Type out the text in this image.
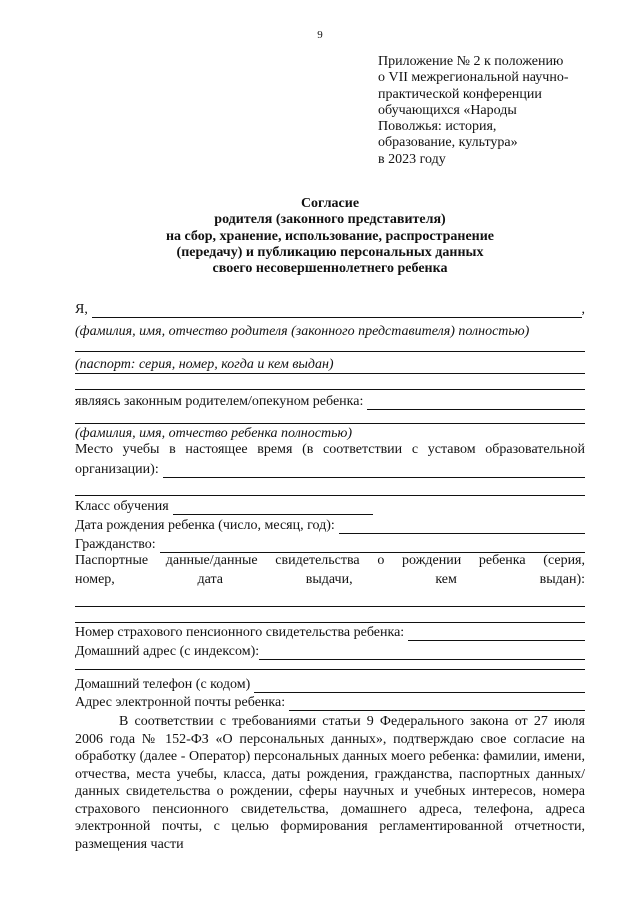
9
Приложение № 2 к положению
о VII межрегиональной научно-
практической конференции
обучающихся «Народы
Поволжья: история,
образование, культура»
в 2023 году
Согласие
родителя (законного представителя)
на сбор, хранение, использование, распространение
(передачу) и публикацию персональных данных
своего несовершеннолетнего ребенка
Я,	,
(фамилия, имя, отчество родителя (законного представителя) полностью)
(паспорт: серия, номер, когда и кем выдан)
являясь законным родителем/опекуном ребенка:
(фамилия, имя, отчество ребенка полностью)
Место учебы в настоящее время (в соответствии с уставом образовательной
организации):
Класс обучения
Дата рождения ребенка (число, месяц, год):
Гражданство:
Паспортные данные/данные свидетельства о рождении ребенка (серия,
номер, дата выдачи, кем выдан):
Номер страхового пенсионного свидетельства ребенка:
Домашний адрес (с индексом):
Домашний телефон (с кодом)
Адрес электронной почты ребенка:
В соответствии с требованиями статьи 9 Федерального закона от 27 июля 2006 года № 152-ФЗ «О персональных данных», подтверждаю свое согласие на обработку (далее - Оператор) персональных данных моего ребенка: фамилии, имени, отчества, места учебы, класса, даты рождения, гражданства, паспортных данных/данных свидетельства о рождении, сферы научных и учебных интересов, номера страхового пенсионного свидетельства, домашнего адреса, телефона, адреса электронной почты, с целью формирования регламентированной отчетности, размещения части
